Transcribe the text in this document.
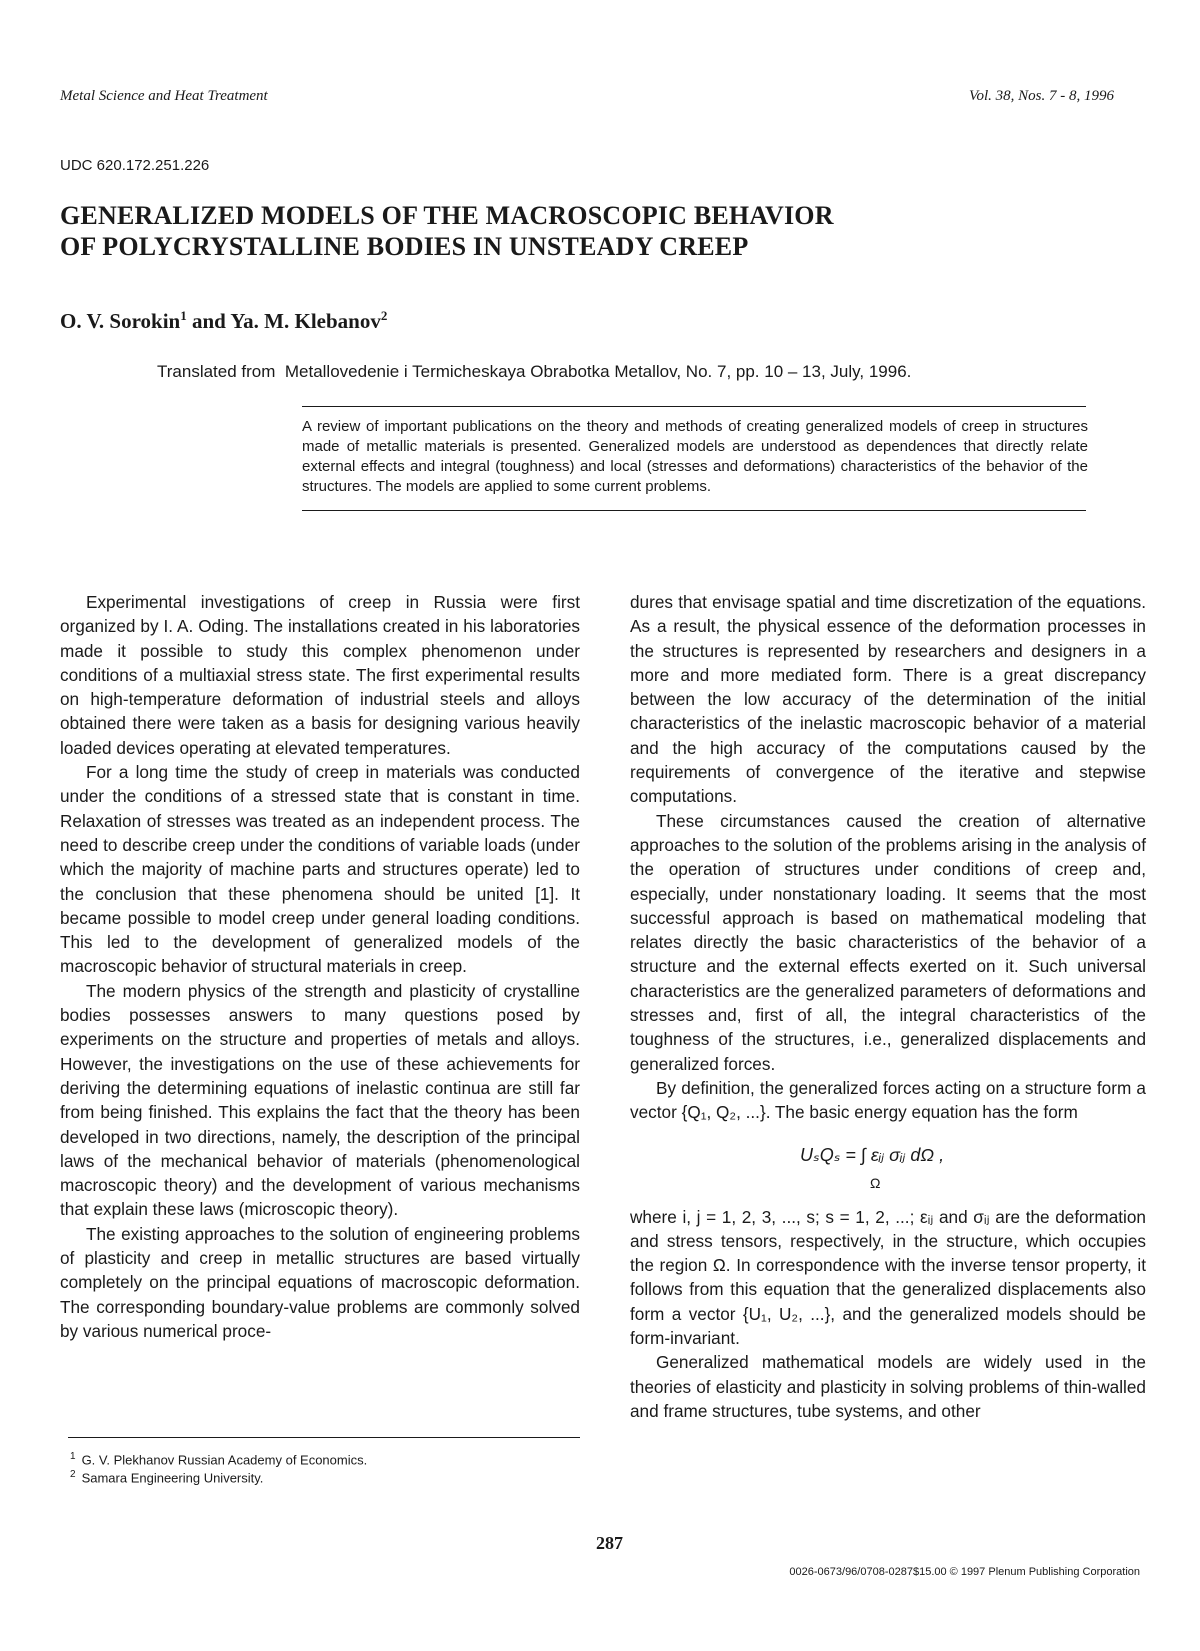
Metal Science and Heat Treatment	Vol. 38, Nos. 7 - 8, 1996
UDC 620.172.251.226
GENERALIZED MODELS OF THE MACROSCOPIC BEHAVIOR
OF POLYCRYSTALLINE BODIES IN UNSTEADY CREEP
O. V. Sorokin$^1$ and Ya. M. Klebanov$^2$
Translated from  Metallovedenie i Termicheskaya Obrabotka Metallov, No. 7, pp. 10 – 13, July, 1996.
A review of important publications on the theory and methods of creating generalized models of creep in structures made of metallic materials is presented. Generalized models are understood as dependences that directly relate external effects and integral (toughness) and local (stresses and deformations) characteristics of the behavior of the structures. The models are applied to some current problems.

Experimental investigations of creep in Russia were first organized by I. A. Oding. The installations created in his laboratories made it possible to study this complex phenomenon under conditions of a multiaxial stress state. The first experimental results on high-temperature deformation of industrial steels and alloys obtained there were taken as a basis for designing various heavily loaded devices operating at elevated temperatures.

For a long time the study of creep in materials was conducted under the conditions of a stressed state that is constant in time. Relaxation of stresses was treated as an independent process. The need to describe creep under the conditions of variable loads (under which the majority of machine parts and structures operate) led to the conclusion that these phenomena should be united [1]. It became possible to model creep under general loading conditions. This led to the development of generalized models of the macroscopic behavior of structural materials in creep.

The modern physics of the strength and plasticity of crystalline bodies possesses answers to many questions posed by experiments on the structure and properties of metals and alloys. However, the investigations on the use of these achievements for deriving the determining equations of inelastic continua are still far from being finished. This explains the fact that the theory has been developed in two directions, namely, the description of the principal laws of the mechanical behavior of materials (phenomenological macroscopic theory) and the development of various mechanisms that explain these laws (microscopic theory).

The existing approaches to the solution of engineering problems of plasticity and creep in metallic structures are based virtually completely on the principal equations of macroscopic deformation. The corresponding boundary-value problems are commonly solved by various numerical proce-

dures that envisage spatial and time discretization of the equations. As a result, the physical essence of the deformation processes in the structures is represented by researchers and designers in a more and more mediated form. There is a great discrepancy between the low accuracy of the determination of the initial characteristics of the inelastic macroscopic behavior of a material and the high accuracy of the computations caused by the requirements of convergence of the iterative and stepwise computations.

These circumstances caused the creation of alternative approaches to the solution of the problems arising in the analysis of the operation of structures under conditions of creep and, especially, under nonstationary loading. It seems that the most successful approach is based on mathematical modeling that relates directly the basic characteristics of the behavior of a structure and the external effects exerted on it. Such universal characteristics are the generalized parameters of deformations and stresses and, first of all, the integral characteristics of the toughness of the structures, i.e., generalized displacements and generalized forces.

By definition, the generalized forces acting on a structure form a vector {Q₁, Q₂, ...}. The basic energy equation has the form

UₛQₛ = ∫ εᵢⱼ σᵢⱼ dΩ ,
Ω

where i, j = 1, 2, 3, ..., s; s = 1, 2, ...; εᵢⱼ and σᵢⱼ are the deformation and stress tensors, respectively, in the structure, which occupies the region Ω. In correspondence with the inverse tensor property, it follows from this equation that the generalized displacements also form a vector {U₁, U₂, ...}, and the generalized models should be form-invariant.

Generalized mathematical models are widely used in the theories of elasticity and plasticity in solving problems of thin-walled and frame structures, tube systems, and other

$^1$ G. V. Plekhanov Russian Academy of Economics.
$^2$ Samara Engineering University.
287
0026-0673/96/0708-0287$15.00 © 1997 Plenum Publishing Corporation
